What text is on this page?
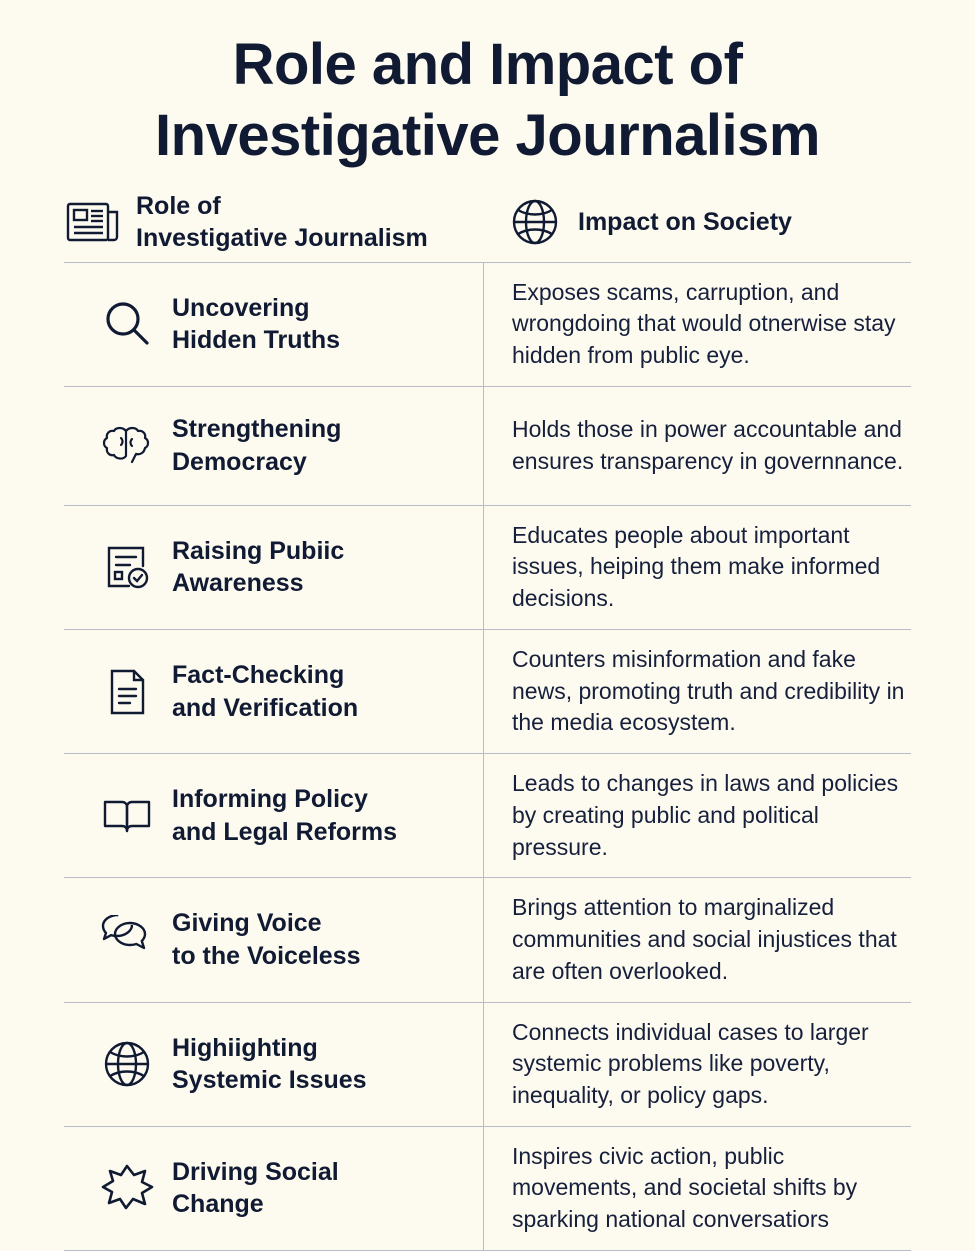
Role and Impact of
Investigative Journalism
Role of
Investigative Journalism
Impact on Society
Uncovering
Hidden Truths
Exposes scams, carruption, and wrongdoing that would otnerwise stay hidden from public eye.
Strengthening
Democracy
Holds those in power accountable and ensures transparency in governnance.
Raising Pubiic
Awareness
Educates people about important issues, heiping them make informed decisions.
Fact-Checking
and Verification
Counters misinformation and fake news, promoting truth and credibility in the media ecosystem.
Informing Policy
and Legal Reforms
Leads to changes in laws and policies by creating public and political pressure.
Giving Voice
to the Voiceless
Brings attention to marginalized communities and social injustices that are often overlooked.
Highiighting
Systemic Issues
Connects individual cases to larger systemic problems like poverty, inequality, or policy gaps.
Driving Social
Change
Inspires civic action, public movements, and societal shifts by sparking national conversatiors
